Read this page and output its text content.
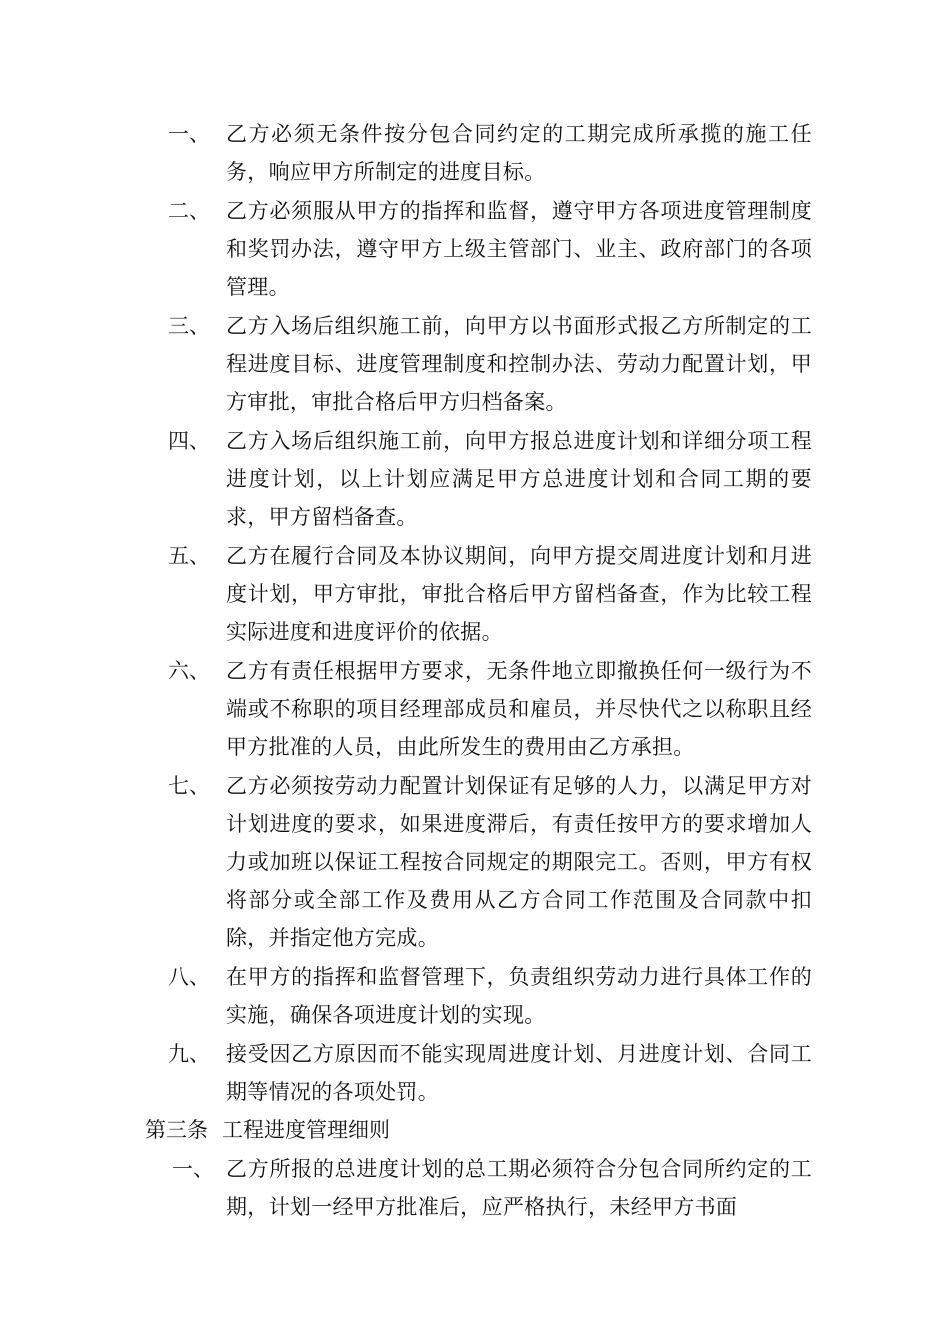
一、 乙方必须无条件按分包合同约定的工期完成所承揽的施工任务，响应甲方所制定的进度目标。
二、 乙方必须服从甲方的指挥和监督，遵守甲方各项进度管理制度和奖罚办法，遵守甲方上级主管部门、业主、政府部门的各项管理。
三、 乙方入场后组织施工前，向甲方以书面形式报乙方所制定的工程进度目标、进度管理制度和控制办法、劳动力配置计划，甲方审批，审批合格后甲方归档备案。
四、 乙方入场后组织施工前，向甲方报总进度计划和详细分项工程进度计划，以上计划应满足甲方总进度计划和合同工期的要求，甲方留档备查。
五、 乙方在履行合同及本协议期间，向甲方提交周进度计划和月进度计划，甲方审批，审批合格后甲方留档备查，作为比较工程实际进度和进度评价的依据。
六、 乙方有责任根据甲方要求，无条件地立即撤换任何一级行为不端或不称职的项目经理部成员和雇员，并尽快代之以称职且经甲方批准的人员，由此所发生的费用由乙方承担。
七、 乙方必须按劳动力配置计划保证有足够的人力，以满足甲方对计划进度的要求，如果进度滞后，有责任按甲方的要求增加人力或加班以保证工程按合同规定的期限完工。否则，甲方有权将部分或全部工作及费用从乙方合同工作范围及合同款中扣除，并指定他方完成。
八、 在甲方的指挥和监督管理下，负责组织劳动力进行具体工作的实施，确保各项进度计划的实现。
九、 接受因乙方原因而不能实现周进度计划、月进度计划、合同工期等情况的各项处罚。
第三条 工程进度管理细则
一、 乙方所报的总进度计划的总工期必须符合分包合同所约定的工期，计划一经甲方批准后，应严格执行，未经甲方书面
